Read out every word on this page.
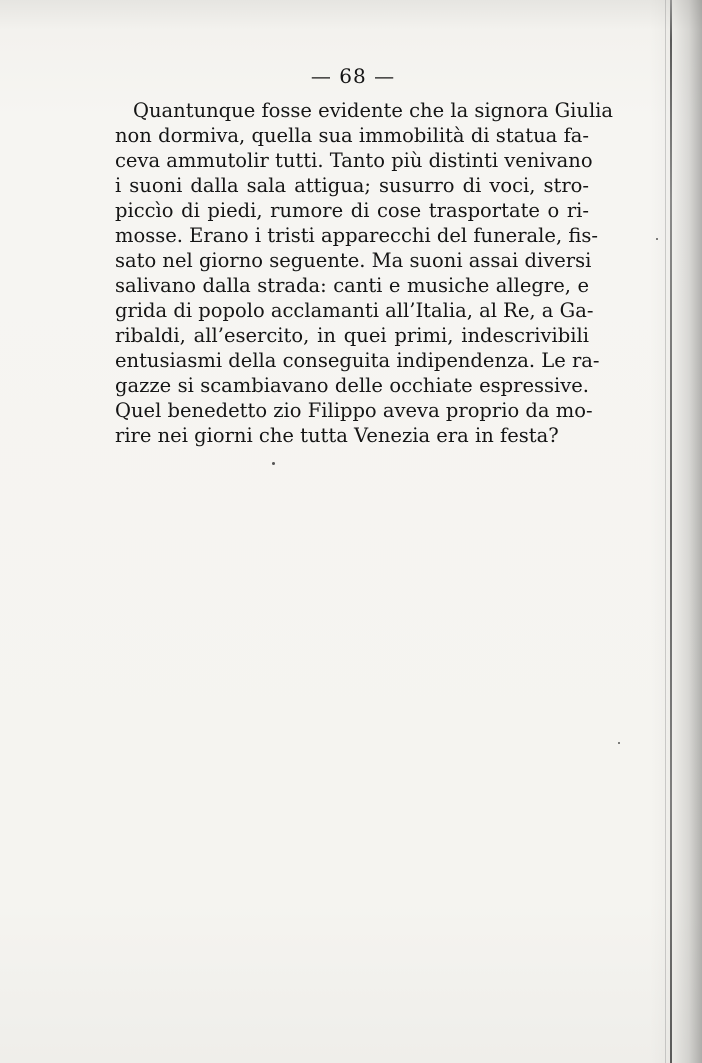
— 68 —
Quantunque fosse evidente che la signora Giulia
non dormiva, quella sua immobilità di statua fa-
ceva ammutolir tutti. Tanto più distinti venivano
i suoni dalla sala attigua; susurro di voci, stro-
piccìo di piedi, rumore di cose trasportate o ri-
mosse. Erano i tristi apparecchi del funerale, fis-
sato nel giorno seguente. Ma suoni assai diversi
salivano dalla strada: canti e musiche allegre, e
grida di popolo acclamanti all’Italia, al Re, a Ga-
ribaldi, all’esercito, in quei primi, indescrivibili
entusiasmi della conseguita indipendenza. Le ra-
gazze si scambiavano delle occhiate espressive.
Quel benedetto zio Filippo aveva proprio da mo-
rire nei giorni che tutta Venezia era in festa?
